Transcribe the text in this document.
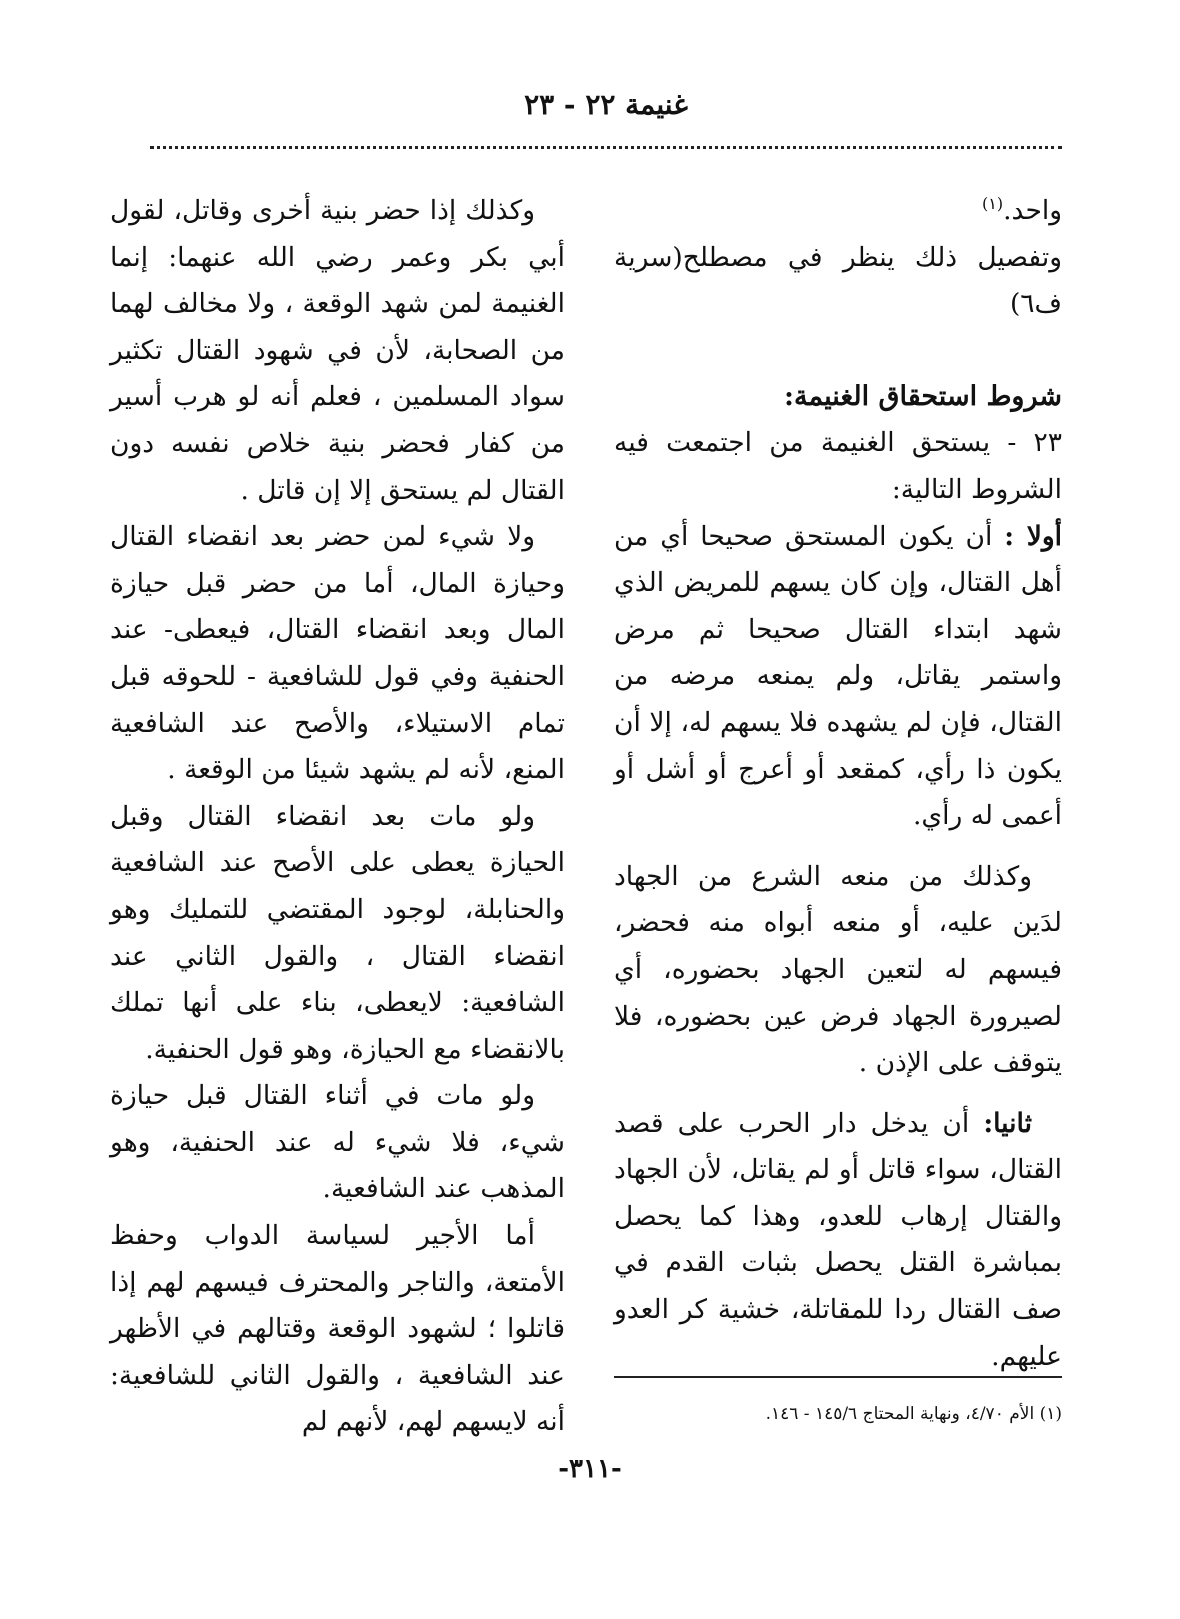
غنيمة ٢٢ - ٢٣

واحد.$^{(١)}$

وتفصيل ذلك ينظر في مصطلح(سرية ف٦)

شروط استحقاق الغنيمة:

٢٣ - يستحق الغنيمة من اجتمعت فيه الشروط التالية:

أولا : أن يكون المستحق صحيحا أي من أهل القتال، وإن كان يسهم للمريض الذي شهد ابتداء القتال صحيحا ثم مرض واستمر يقاتل، ولم يمنعه مرضه من القتال، فإن لم يشهده فلا يسهم له، إلا أن يكون ذا رأي، كمقعد أو أعرج أو أشل أو أعمى له رأي.

وكذلك من منعه الشرع من الجهاد لدَين عليه، أو منعه أبواه منه فحضر، فيسهم له لتعين الجهاد بحضوره، أي لصيرورة الجهاد فرض عين بحضوره، فلا يتوقف على الإذن .

ثانيا: أن يدخل دار الحرب على قصد القتال، سواء قاتل أو لم يقاتل، لأن الجهاد والقتال إرهاب للعدو، وهذا كما يحصل بمباشرة القتل يحصل بثبات القدم في صف القتال ردا للمقاتلة، خشية كر العدو عليهم.

وكذلك إذا حضر بنية أخرى وقاتل، لقول أبي بكر وعمر رضي الله عنهما: إنما الغنيمة لمن شهد الوقعة ، ولا مخالف لهما من الصحابة، لأن في شهود القتال تكثير سواد المسلمين ، فعلم أنه لو هرب أسير من كفار فحضر بنية خلاص نفسه دون القتال لم يستحق إلا إن قاتل .

ولا شيء لمن حضر بعد انقضاء القتال وحيازة المال، أما من حضر قبل حيازة المال وبعد انقضاء القتال، فيعطى- عند الحنفية وفي قول للشافعية - للحوقه قبل تمام الاستيلاء، والأصح عند الشافعية المنع، لأنه لم يشهد شيئا من الوقعة .

ولو مات بعد انقضاء القتال وقبل الحيازة يعطى على الأصح عند الشافعية والحنابلة، لوجود المقتضي للتمليك وهو انقضاء القتال ، والقول الثاني عند الشافعية: لايعطى، بناء على أنها تملك بالانقضاء مع الحيازة، وهو قول الحنفية.

ولو مات في أثناء القتال قبل حيازة شيء، فلا شيء له عند الحنفية، وهو المذهب عند الشافعية.

أما الأجير لسياسة الدواب وحفظ الأمتعة، والتاجر والمحترف فيسهم لهم إذا قاتلوا ؛ لشهود الوقعة وقتالهم في الأظهر عند الشافعية ، والقول الثاني للشافعية: أنه لايسهم لهم، لأنهم لم	(١) الأم ٤/٧٠، ونهاية المحتاج ١٤٥/٦ - ١٤٦.
-٣١١-
